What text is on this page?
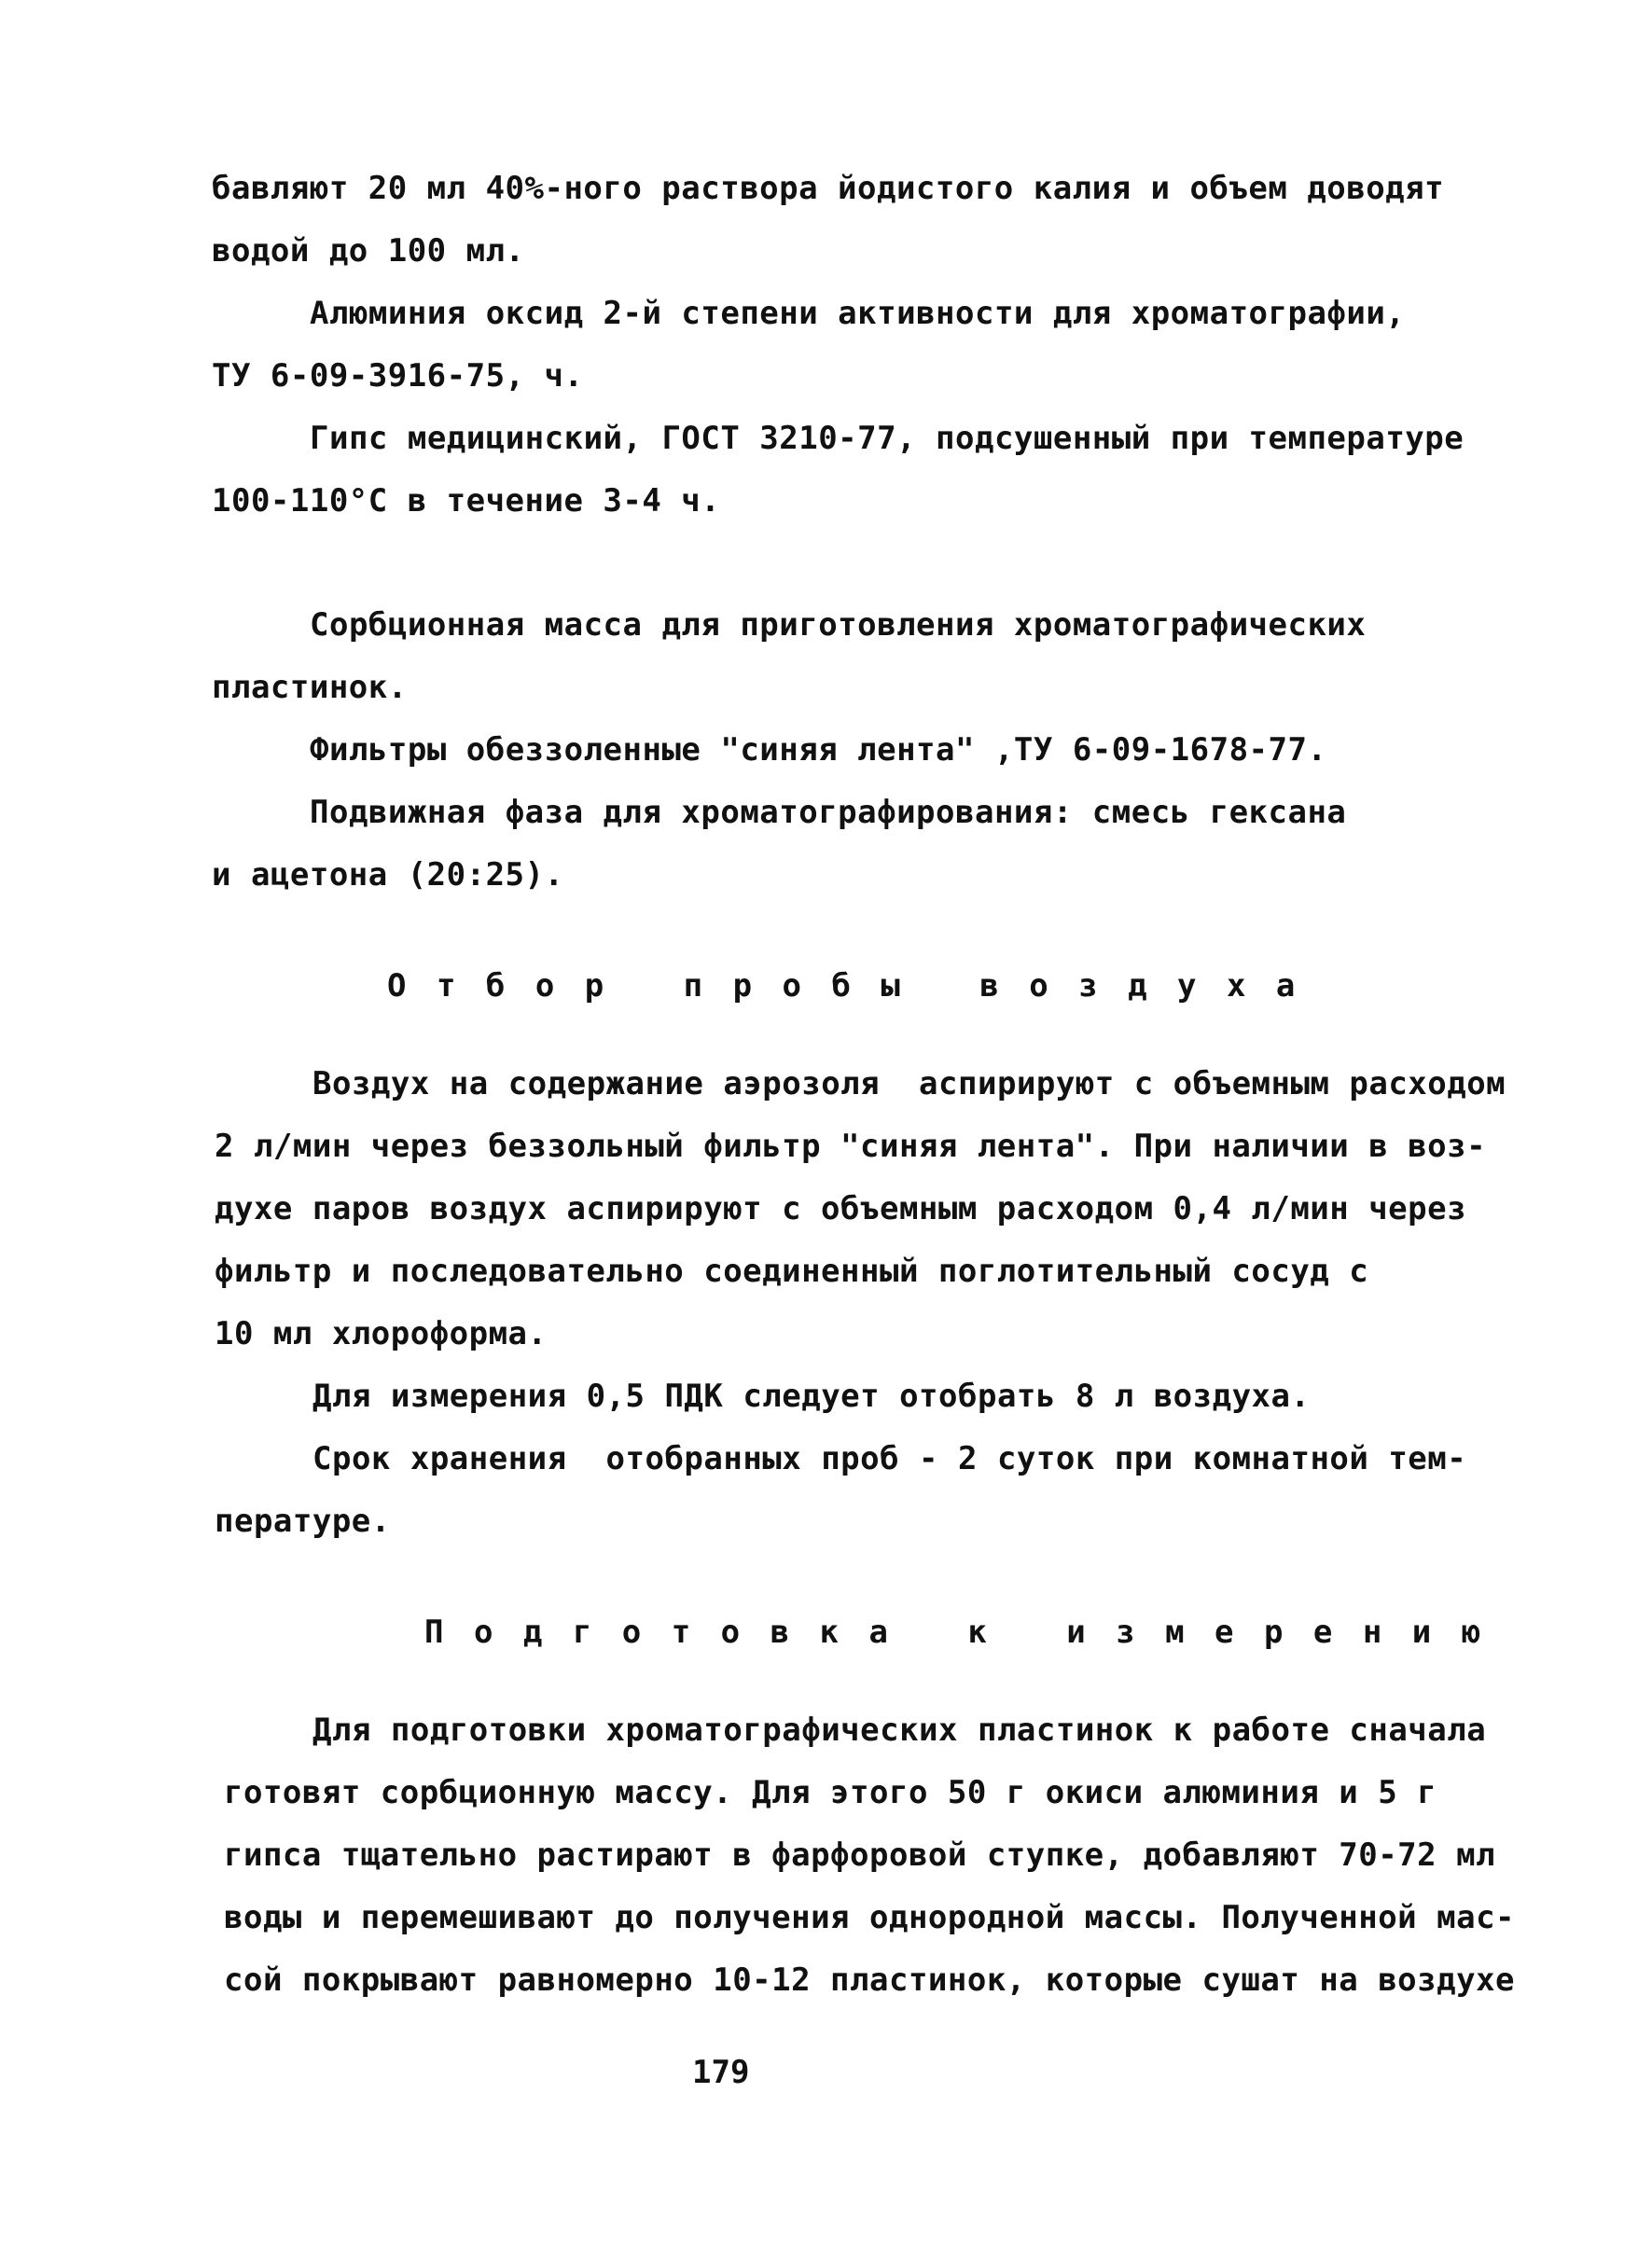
бавляют 20 мл 40%-ного раствора йодистого калия и объем доводят
водой до 100 мл.
Алюминия оксид 2-й степени активности для хроматографии,
ТУ 6-09-3916-75, ч.
Гипс медицинский, ГОСТ 3210-77, подсушенный при температуре
100-110°С в течение 3-4 ч.
Сорбционная масса для приготовления хроматографических
пластинок.
Фильтры обеззоленные "синяя лента" ,ТУ 6-09-1678-77.
Подвижная фаза для хроматографирования: смесь гексана
и ацетона (20:25).
О т б о р   п р о б ы   в о з д у х а
Воздух на содержание аэрозоля  аспирируют с объемным расходом
2 л/мин через беззольный фильтр "синяя лента". При наличии в воз-
духе паров воздух аспирируют с объемным расходом 0,4 л/мин через
фильтр и последовательно соединенный поглотительный сосуд с
10 мл хлороформа.
Для измерения 0,5 ПДК следует отобрать 8 л воздуха.
Срок хранения  отобранных проб - 2 суток при комнатной тем-
пературе.
П о д г о т о в к а   к   и з м е р е н и ю
Для подготовки хроматографических пластинок к работе сначала
готовят сорбционную массу. Для этого 50 г окиси алюминия и 5 г
гипса тщательно растирают в фарфоровой ступке, добавляют 70-72 мл
воды и перемешивают до получения однородной массы. Полученной мас-
сой покрывают равномерно 10-12 пластинок, которые сушат на воздухе
179
